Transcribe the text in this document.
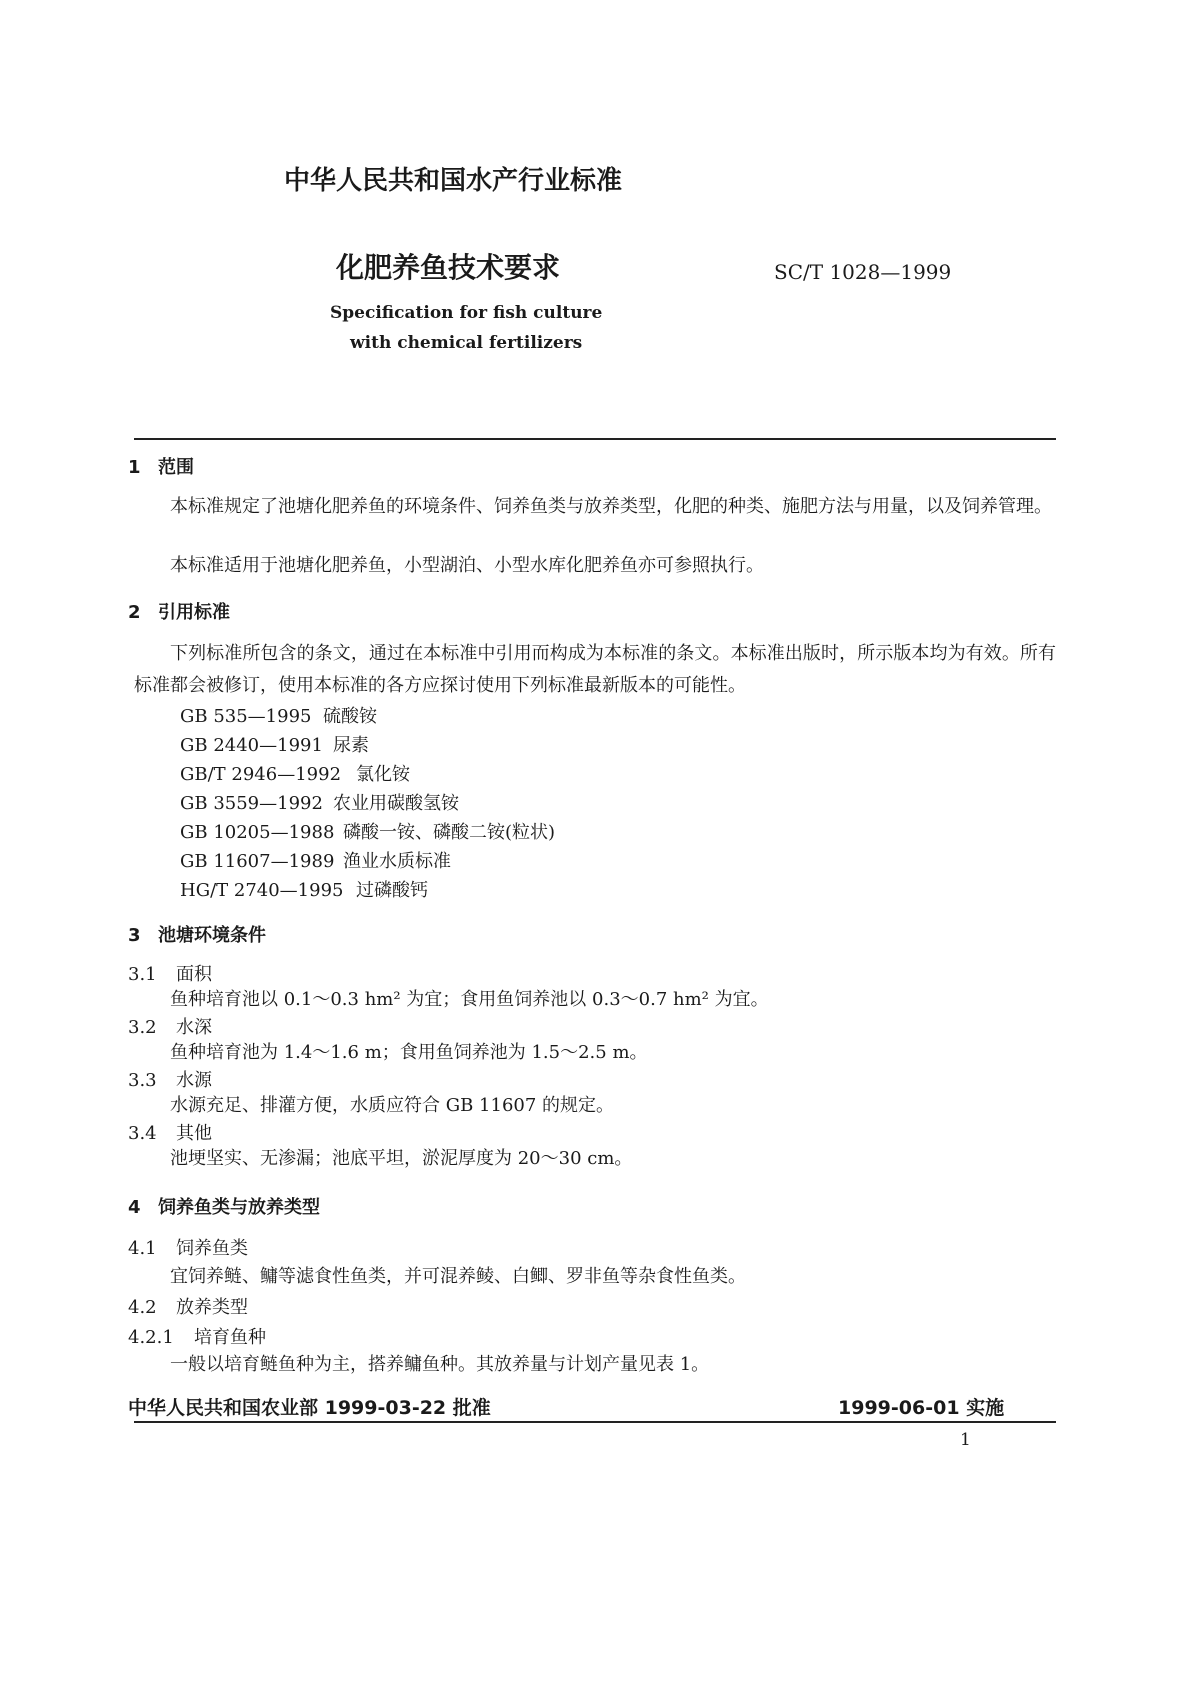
中华人民共和国水产行业标准
化肥养鱼技术要求	SC/T 1028—1999
Specification for fish culture
with chemical fertilizers
1 范围
本标准规定了池塘化肥养鱼的环境条件、饲养鱼类与放养类型，化肥的种类、施肥方法与用量，以及饲养管理。
本标准适用于池塘化肥养鱼，小型湖泊、小型水库化肥养鱼亦可参照执行。
2 引用标准
下列标准所包含的条文，通过在本标准中引用而构成为本标准的条文。本标准出版时，所示版本均为有效。所有标准都会被修订，使用本标准的各方应探讨使用下列标准最新版本的可能性。
GB 535—1995 硫酸铵
GB 2440—1991 尿素
GB/T 2946—1992 氯化铵
GB 3559—1992 农业用碳酸氢铵
GB 10205—1988 磷酸一铵、磷酸二铵(粒状)
GB 11607—1989 渔业水质标准
HG/T 2740—1995 过磷酸钙
3 池塘环境条件
3.1 面积
鱼种培育池以 0.1～0.3 hm² 为宜；食用鱼饲养池以 0.3～0.7 hm² 为宜。
3.2 水深
鱼种培育池为 1.4～1.6 m；食用鱼饲养池为 1.5～2.5 m。
3.3 水源
水源充足、排灌方便，水质应符合 GB 11607 的规定。
3.4 其他
池埂坚实、无渗漏；池底平坦，淤泥厚度为 20～30 cm。
4 饲养鱼类与放养类型
4.1 饲养鱼类
宜饲养鲢、鳙等滤食性鱼类，并可混养鲮、白鲫、罗非鱼等杂食性鱼类。
4.2 放养类型
4.2.1 培育鱼种
一般以培育鲢鱼种为主，搭养鳙鱼种。其放养量与计划产量见表 1。
中华人民共和国农业部 1999-03-22 批准	1999-06-01 实施
1
